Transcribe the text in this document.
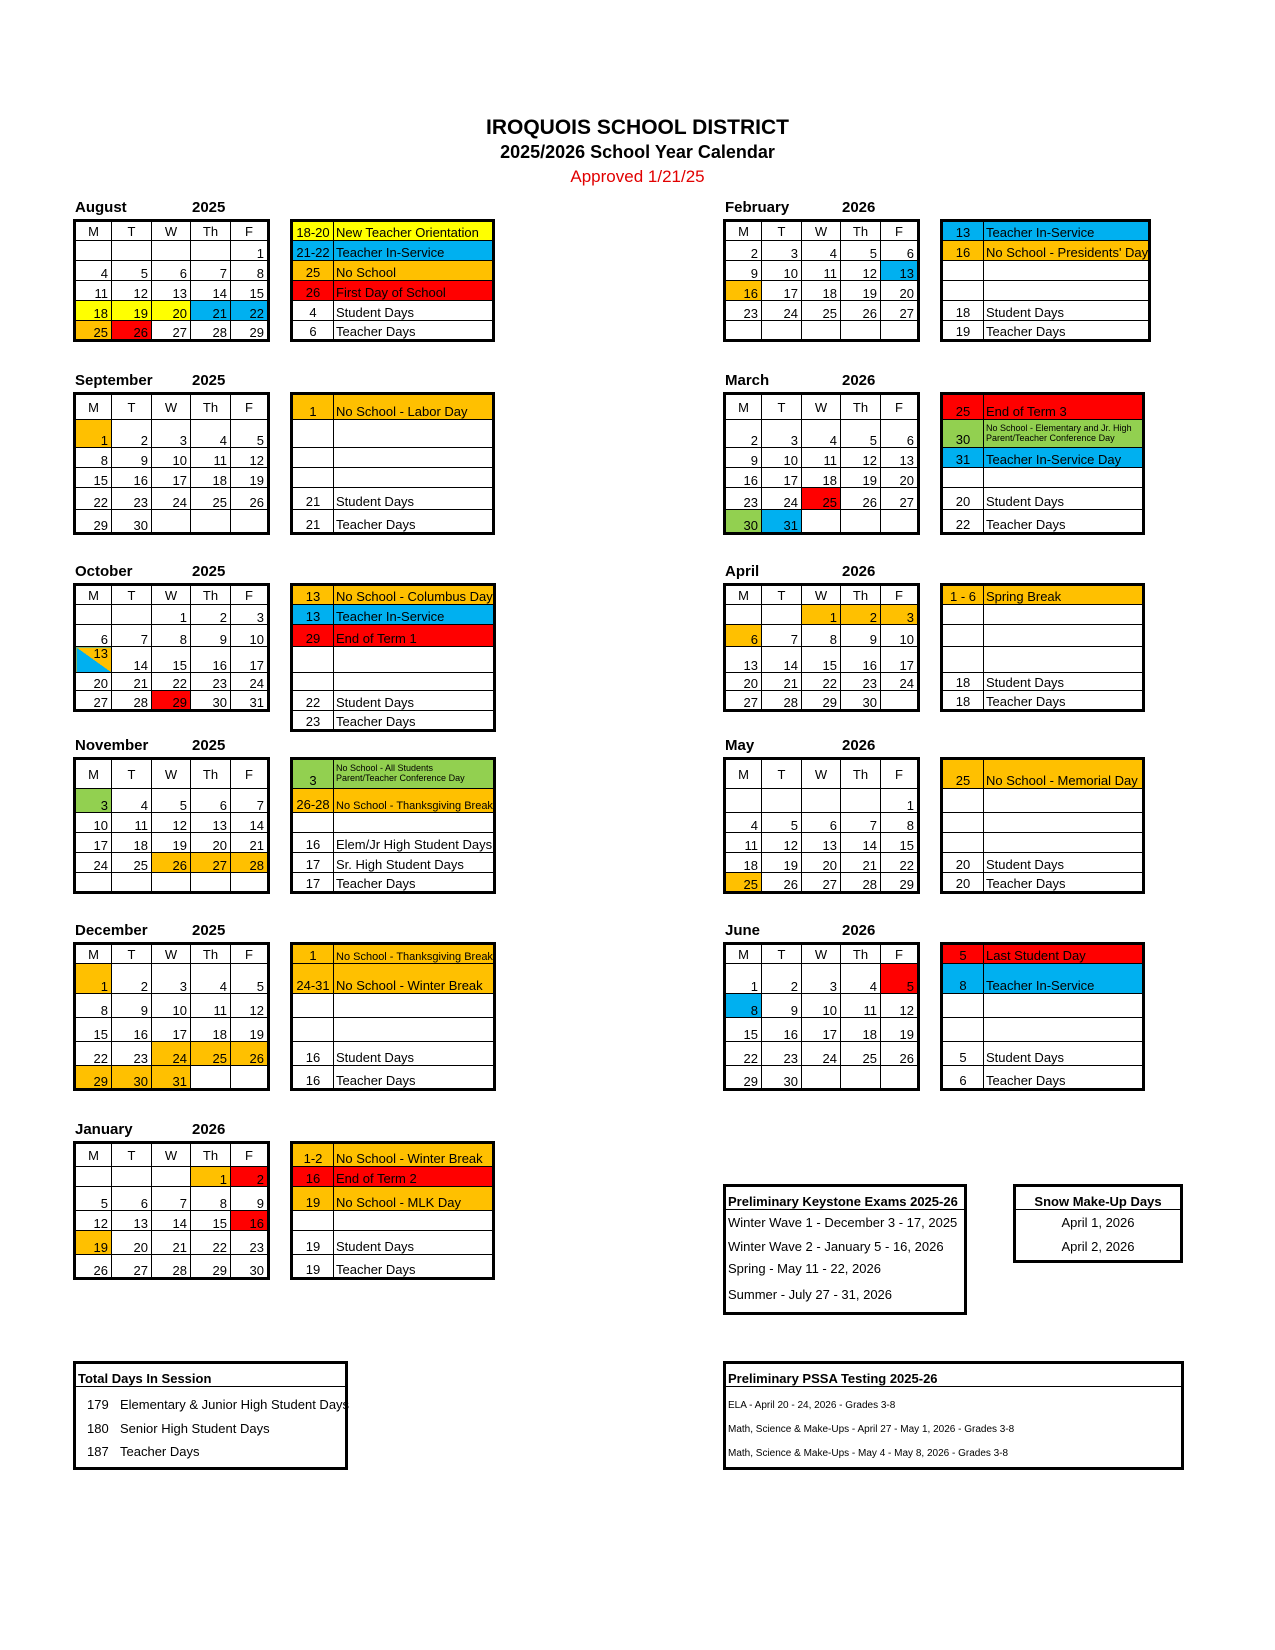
IROQUOIS SCHOOL DISTRICT
2025/2026 School Year Calendar
Approved 1/21/25
August	2025
M	T	W	Th	F
				1
4	5	6	7	8
11	12	13	14	15
18	19	20	21	22
25	26	27	28	29
18-20	New Teacher Orientation
21-22	Teacher In-Service
25	No School
26	First Day of School
4	Student Days
6	Teacher Days
September	2025
M	T	W	Th	F
1	2	3	4	5
8	9	10	11	12
15	16	17	18	19
22	23	24	25	26
29	30			
1	No School - Labor Day

21	Student Days
21	Teacher Days
October	2025
M	T	W	Th	F
		1	2	3
6	7	8	9	10
13	14	15	16	17
20	21	22	23	24
27	28	29	30	31
13	No School - Columbus Day
13	Teacher In-Service
29	End of Term 1

22	Student Days
23	Teacher Days
November	2025
M	T	W	Th	F
3	4	5	6	7
10	11	12	13	14
17	18	19	20	21
24	25	26	27	28

3	No School - All Students Parent/Teacher Conference Day
26-28	No School - Thanksgiving Break

16	Elem/Jr High Student Days
17	Sr. High Student Days
17	Teacher Days
December	2025
M	T	W	Th	F
1	2	3	4	5
8	9	10	11	12
15	16	17	18	19
22	23	24	25	26
29	30	31		
1	No School - Thanksgiving Break
24-31	No School - Winter Break

16	Student Days
16	Teacher Days
January	2026
M	T	W	Th	F
			1	2
5	6	7	8	9
12	13	14	15	16
19	20	21	22	23
26	27	28	29	30
1-2	No School - Winter Break
16	End of Term 2
19	No School - MLK Day

19	Student Days
19	Teacher Days
February	2026
M	T	W	Th	F
2	3	4	5	6
9	10	11	12	13
16	17	18	19	20
23	24	25	26	27

13	Teacher In-Service
16	No School - Presidents' Day

18	Student Days
19	Teacher Days
March	2026
M	T	W	Th	F
2	3	4	5	6
9	10	11	12	13
16	17	18	19	20
23	24	25	26	27
30	31			
25	End of Term 3
30	No School - Elementary and Jr. High Parent/Teacher Conference Day
31	Teacher In-Service Day

20	Student Days
22	Teacher Days
April	2026
M	T	W	Th	F
		1	2	3
6	7	8	9	10
13	14	15	16	17
20	21	22	23	24
27	28	29	30	
1 - 6	Spring Break

18	Student Days
18	Teacher Days
May	2026
M	T	W	Th	F
				1
4	5	6	7	8
11	12	13	14	15
18	19	20	21	22
25	26	27	28	29
25	No School - Memorial Day

20	Student Days
20	Teacher Days
June	2026
M	T	W	Th	F
1	2	3	4	5
8	9	10	11	12
15	16	17	18	19
22	23	24	25	26
29	30			
5	Last Student Day
8	Teacher In-Service

5	Student Days
6	Teacher Days
Preliminary Keystone Exams 2025-26
Winter Wave 1 - December 3 - 17, 2025
Winter Wave 2 - January 5 - 16, 2026
Spring - May 11 - 22, 2026
Summer - July 27 - 31, 2026
Snow Make-Up Days
April 1, 2026
April 2, 2026
Total Days In Session
179 Elementary & Junior High Student Days
180 Senior High Student Days
187 Teacher Days
Preliminary PSSA Testing 2025-26
ELA - April 20 - 24, 2026 - Grades 3-8
Math, Science & Make-Ups - April 27 - May 1, 2026 - Grades 3-8
Math, Science & Make-Ups - May 4 - May 8, 2026 - Grades 3-8
